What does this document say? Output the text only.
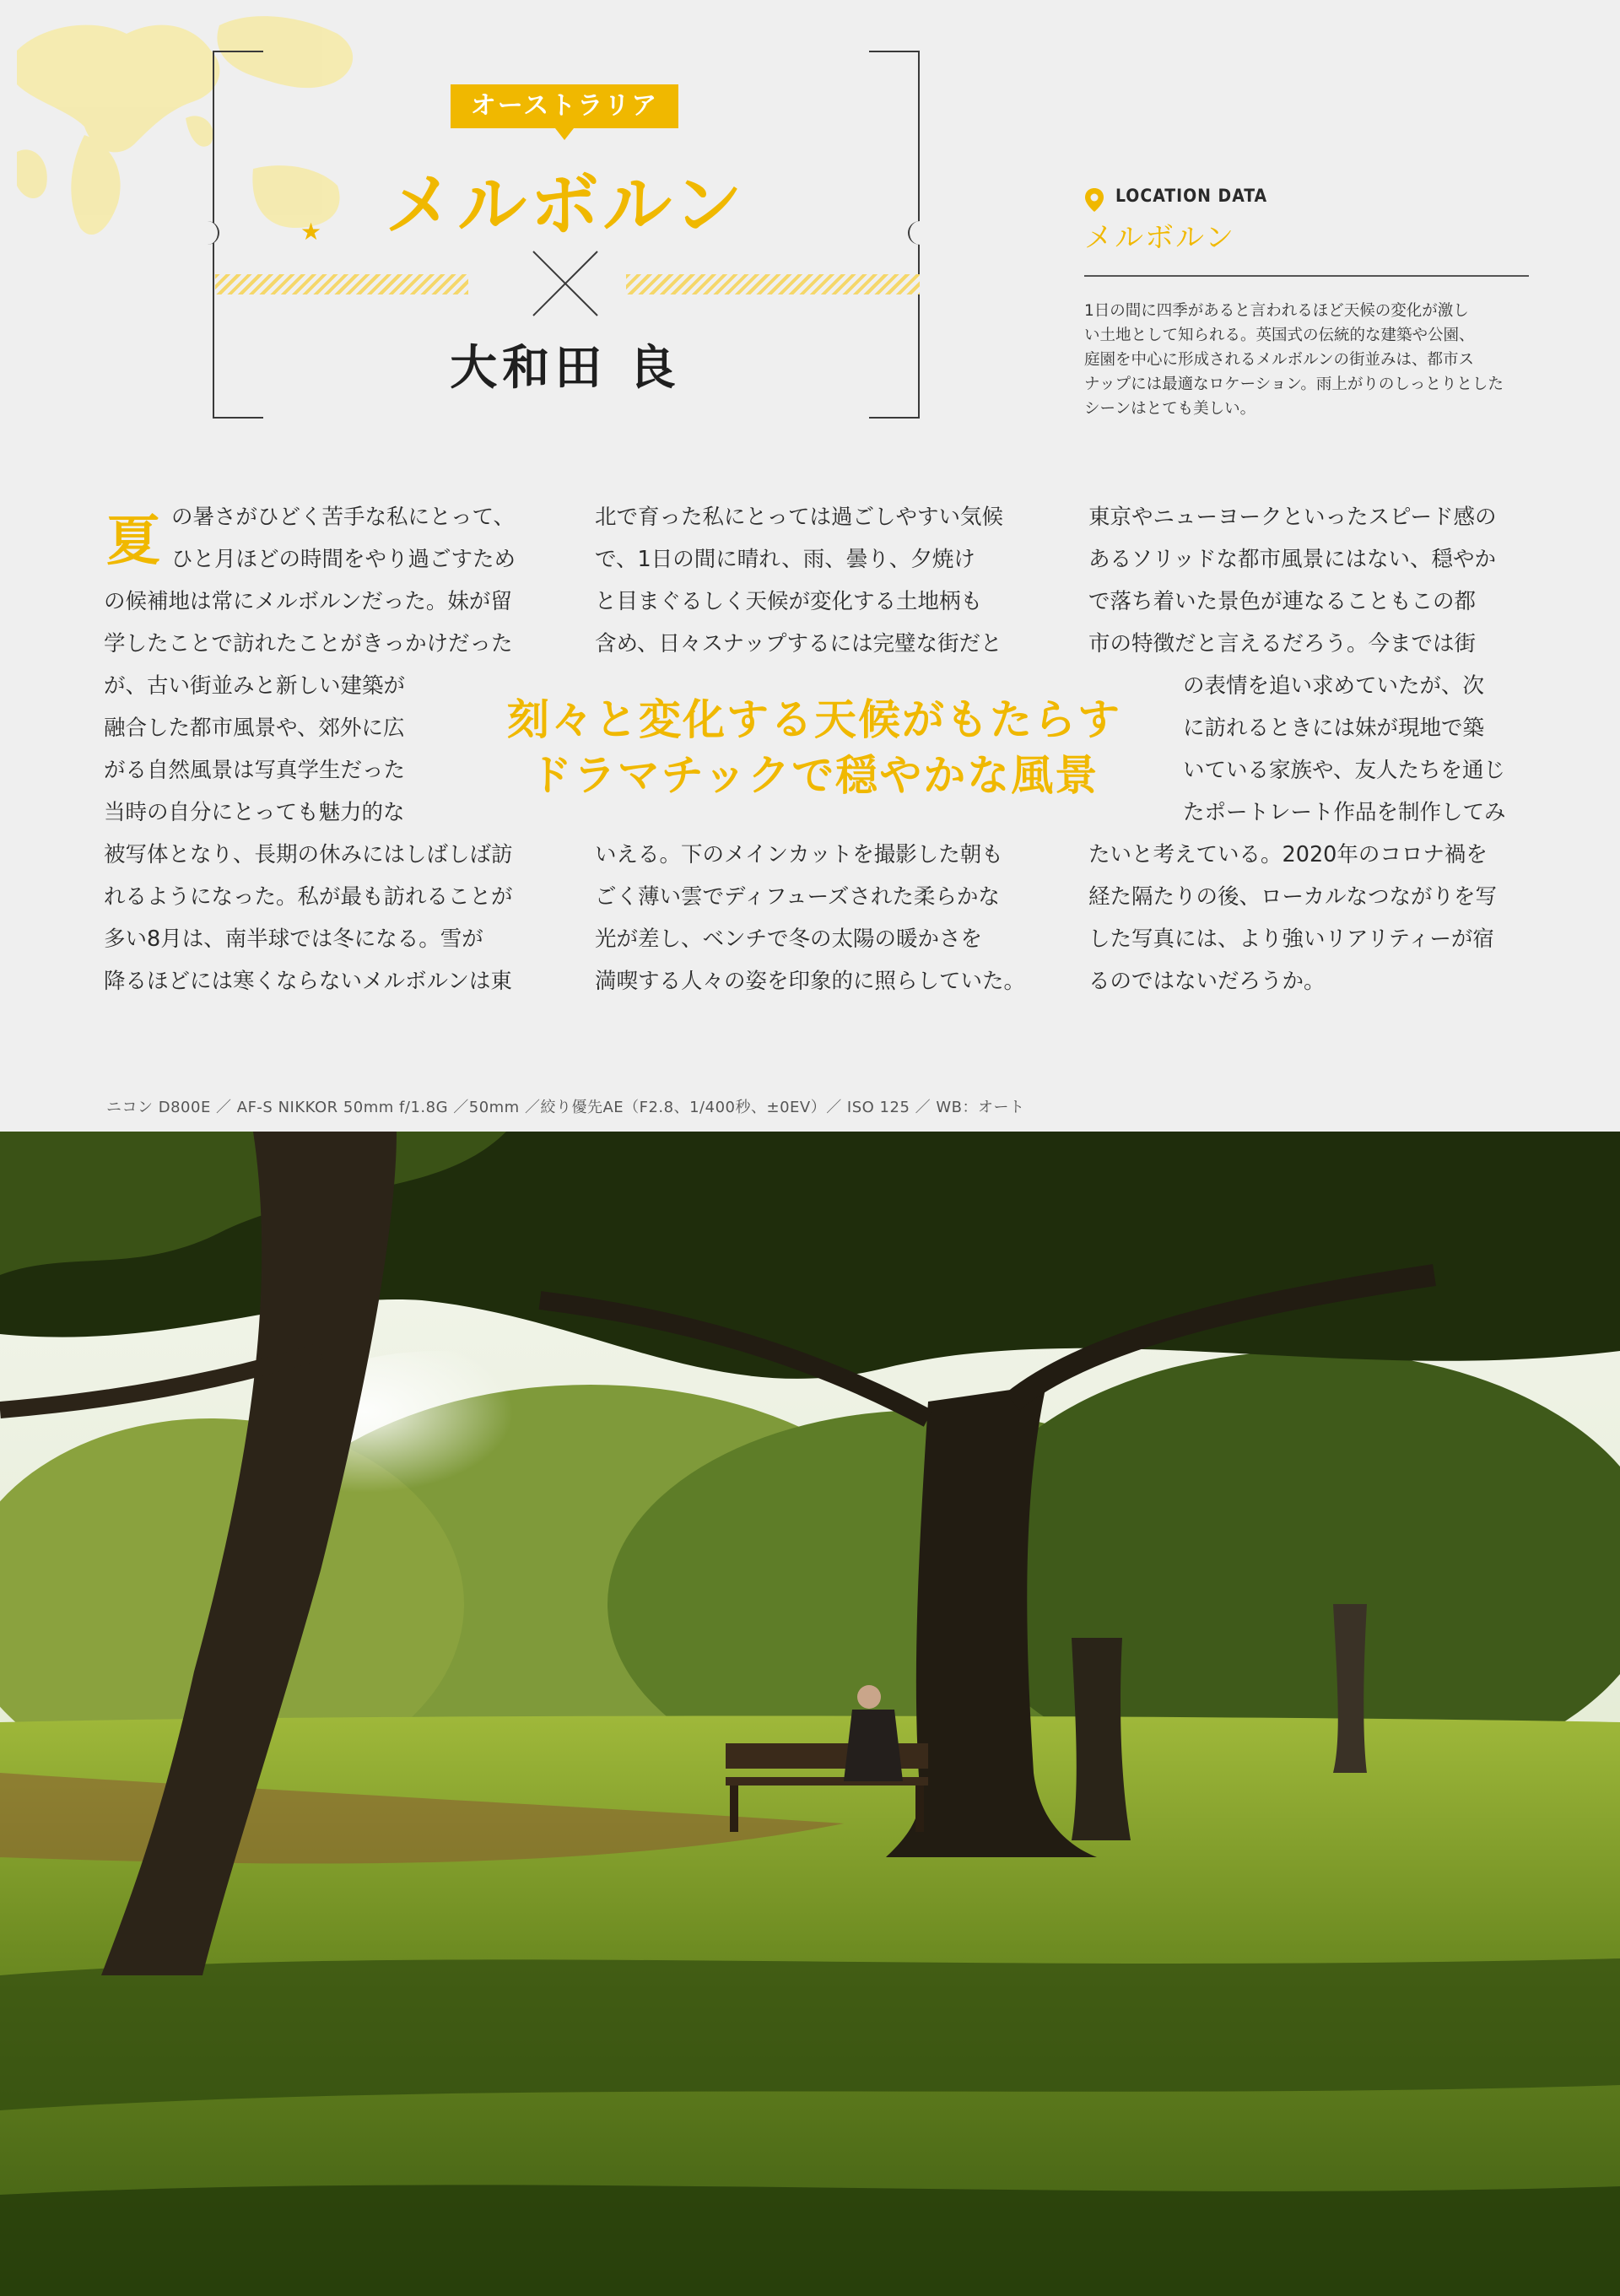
★
オーストラリア
メルボルン
大和田 良
LOCATION DATA
メルボルン
1日の間に四季があると言われるほど天候の変化が激し
い土地として知られる。英国式の伝統的な建築や公園、
庭園を中心に形成されるメルボルンの街並みは、都市ス
ナップには最適なロケーション。雨上がりのしっとりとした
シーンはとても美しい。
夏 の暑さがひどく苦手な私にとって、

ひと月ほどの時間をやり過ごすため

の候補地は常にメルボルンだった。妹が留

学したことで訪れたことがきっかけだった

が、古い街並みと新しい建築が

融合した都市風景や、郊外に広

がる自然風景は写真学生だった

当時の自分にとっても魅力的な

被写体となり、長期の休みにはしばしば訪

れるようになった。私が最も訪れることが

多い8月は、南半球では冬になる。雪が

降るほどには寒くならないメルボルンは東

北で育った私にとっては過ごしやすい気候

で、1日の間に晴れ、雨、曇り、夕焼け

と目まぐるしく天候が変化する土地柄も

含め、日々スナップするには完璧な街だと

いえる。下のメインカットを撮影した朝も

ごく薄い雲でディフューズされた柔らかな

光が差し、ベンチで冬の太陽の暖かさを

満喫する人々の姿を印象的に照らしていた。

東京やニューヨークといったスピード感の

あるソリッドな都市風景にはない、穏やか

で落ち着いた景色が連なることもこの都

市の特徴だと言えるだろう。今までは街

の表情を追い求めていたが、次

に訪れるときには妹が現地で築

いている家族や、友人たちを通じ

たポートレート作品を制作してみ

たいと考えている。2020年のコロナ禍を

経た隔たりの後、ローカルなつながりを写

した写真には、より強いリアリティーが宿

るのではないだろうか。

刻々と変化する天候がもたらす
ドラマチックで穏やかな風景
ニコン D800E ／ AF-S NIKKOR 50mm f/1.8G ／50mm ／絞り優先AE（F2.8、1/400秒、±0EV）／ ISO 125 ／ WB：オート
